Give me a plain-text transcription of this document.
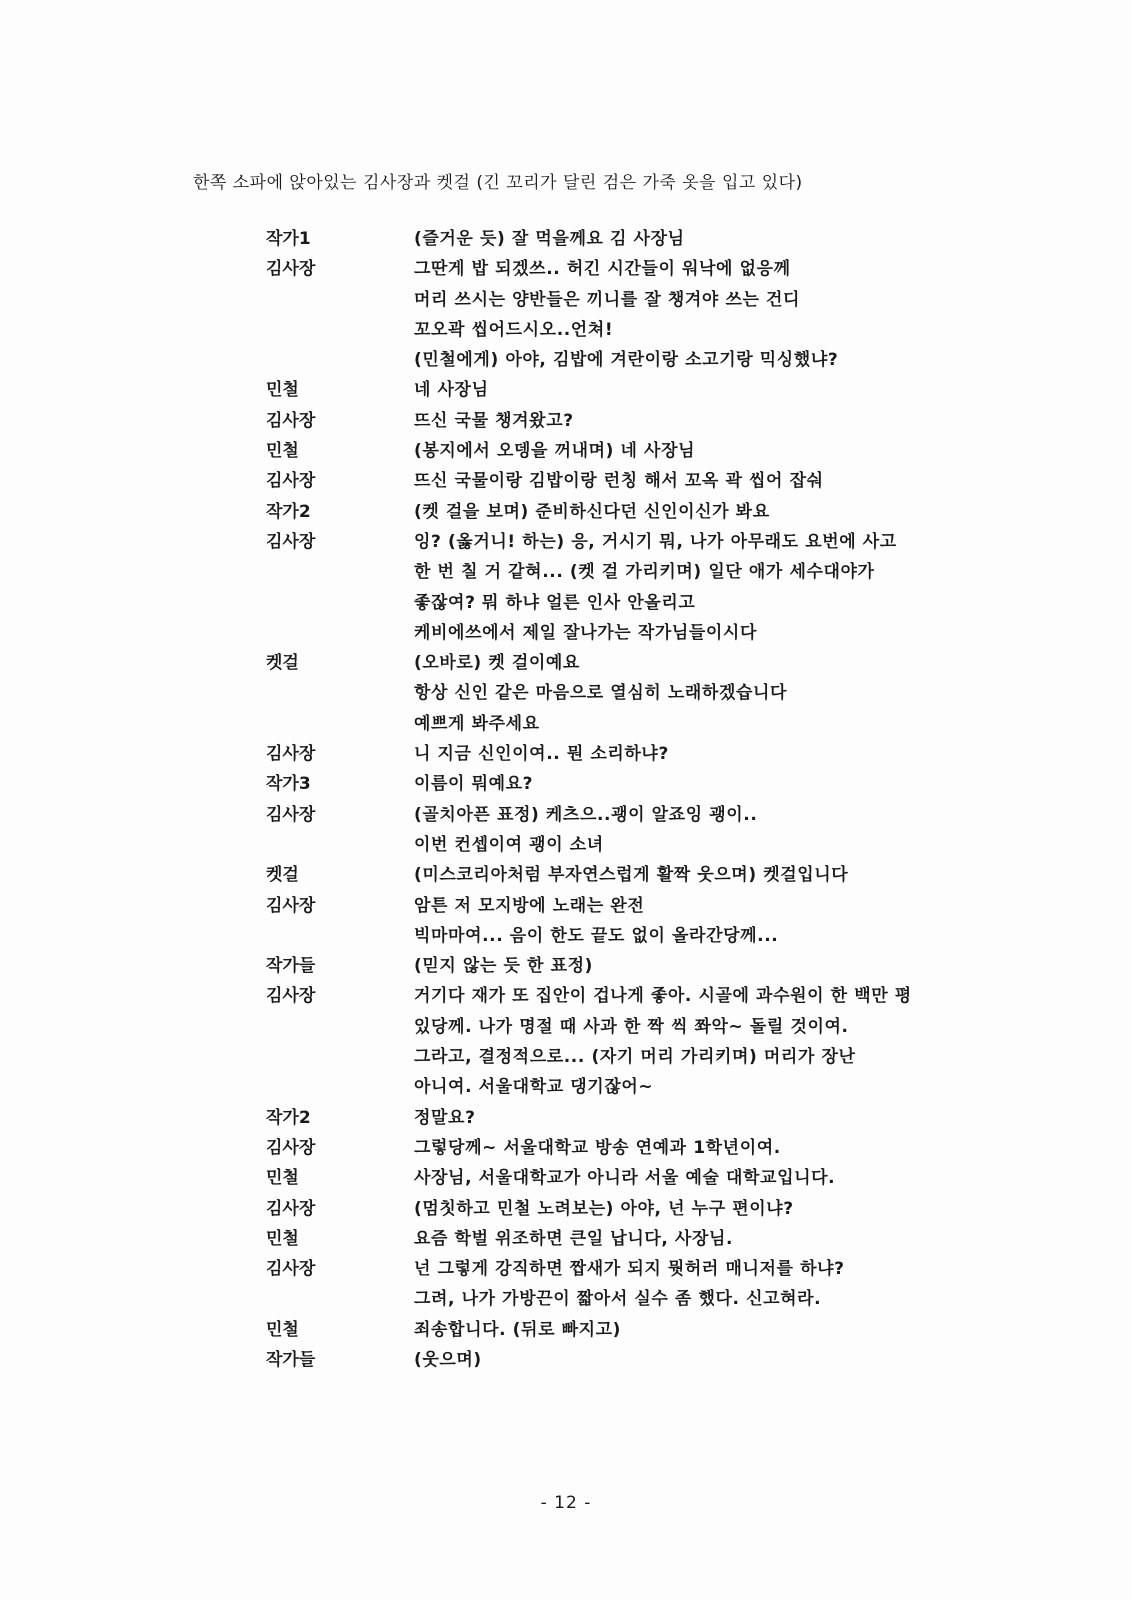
한쪽 소파에 앉아있는 김사장과 켓걸 (긴 꼬리가 달린 검은 가죽 옷을 입고 있다)
작가1	(즐거운 듯) 잘 먹을께요 김 사장님
김사장	그딴게 밥 되겠쓰.. 허긴 시간들이 워낙에 없응께
머리 쓰시는 양반들은 끼니를 잘 챙겨야 쓰는 건디
꼬오곽 씹어드시오..언쳐!
(민철에게) 아야, 김밥에 겨란이랑 소고기랑 믹싱했냐?
민철	네 사장님
김사장	뜨신 국물 챙겨왔고?
민철	(봉지에서 오뎅을 꺼내며) 네 사장님
김사장	뜨신 국물이랑 김밥이랑 런칭 해서 꼬옥 곽 씹어 잡숴
작가2	(켓 걸을 보며) 준비하신다던 신인이신가 봐요
김사장	잉? (옳거니! 하는) 응, 거시기 뭐, 나가 아무래도 요번에 사고
한 번 칠 거 같혀... (켓 걸 가리키며) 일단 애가 세수대야가
좋잖여? 뭐 하냐 얼른 인사 안올리고
케비에쓰에서 제일 잘나가는 작가님들이시다
켓걸	(오바로) 켓 걸이예요
항상 신인 같은 마음으로 열심히 노래하겠습니다
예쁘게 봐주세요
김사장	니 지금 신인이여.. 뭔 소리하냐?
작가3	이름이 뭐예요?
김사장	(골치아픈 표정) 케츠으..괭이 알죠잉 괭이..
이번 컨셉이여 괭이 소녀
켓걸	(미스코리아처럼 부자연스럽게 활짝 웃으며) 켓걸입니다
김사장	암튼 저 모지방에 노래는 완전
빅마마여... 음이 한도 끝도 없이 올라간당께...
작가들	(믿지 않는 듯 한 표정)
김사장	거기다 재가 또 집안이 겁나게 좋아. 시골에 과수원이 한 백만 평
있당께. 나가 명절 때 사과 한 짝 씩 쫘악~ 돌릴 것이여.
그라고, 결정적으로... (자기 머리 가리키며) 머리가 장난
아니여. 서울대학교 댕기잖어~
작가2	정말요?
김사장	그렇당께~ 서울대학교 방송 연예과 1학년이여.
민철	사장님, 서울대학교가 아니라 서울 예술 대학교입니다.
김사장	(멈칫하고 민철 노려보는) 아야, 넌 누구 편이냐?
민철	요즘 학벌 위조하면 큰일 납니다, 사장님.
김사장	넌 그렇게 강직하면 짭새가 되지 뭣허러 매니저를 하냐?
그려, 나가 가방끈이 짧아서 실수 좀 했다. 신고혀라.
민철	죄송합니다. (뒤로 빠지고)
작가들	(웃으며)
- 12 -
